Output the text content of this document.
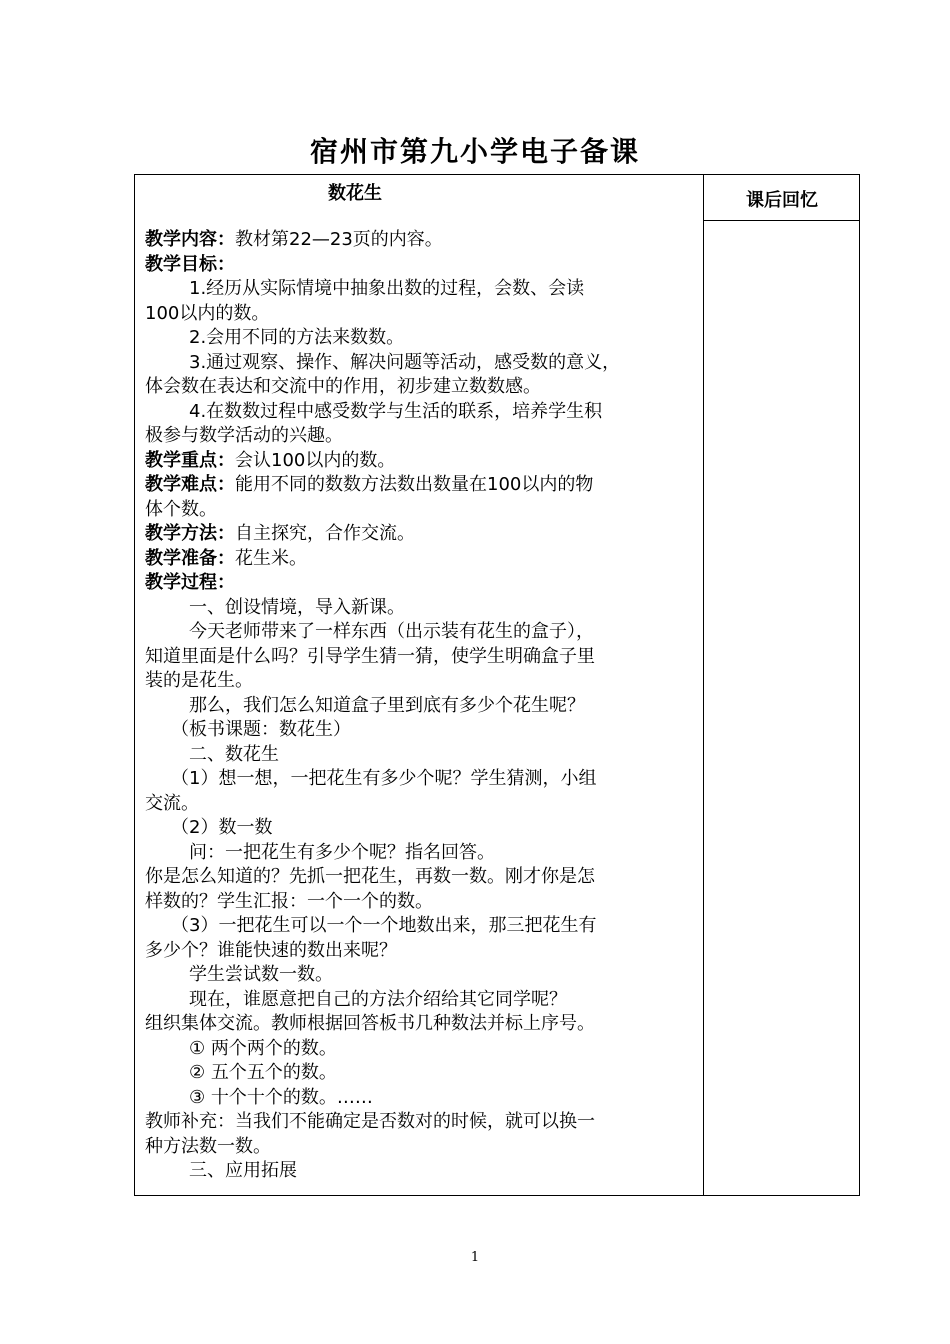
宿州市第九小学电子备课
数花生	课后回忆

教学内容：教材第22—23页的内容。

教学目标：

1.经历从实际情境中抽象出数的过程，会数、会读

100以内的数。

2.会用不同的方法来数数。

3.通过观察、操作、解决问题等活动，感受数的意义，

体会数在表达和交流中的作用，初步建立数数感。

4.在数数过程中感受数学与生活的联系，培养学生积

极参与数学活动的兴趣。

教学重点：会认100以内的数。

教学难点：能用不同的数数方法数出数量在100以内的物

体个数。

教学方法：自主探究，合作交流。

教学准备：花生米。

教学过程：

一、创设情境，导入新课。

今天老师带来了一样东西（出示装有花生的盒子），

知道里面是什么吗？引导学生猜一猜，使学生明确盒子里

装的是花生。

那么，我们怎么知道盒子里到底有多少个花生呢？

（板书课题：数花生）

二、数花生

（1）想一想，一把花生有多少个呢？学生猜测，小组

交流。

（2）数一数

问：一把花生有多少个呢？指名回答。

你是怎么知道的？先抓一把花生，再数一数。刚才你是怎

样数的？学生汇报：一个一个的数。

（3）一把花生可以一个一个地数出来，那三把花生有

多少个？谁能快速的数出来呢？

学生尝试数一数。

现在，谁愿意把自己的方法介绍给其它同学呢？

组织集体交流。教师根据回答板书几种数法并标上序号。

① 两个两个的数。

② 五个五个的数。

③ 十个十个的数。……

教师补充：当我们不能确定是否数对的时候，就可以换一

种方法数一数。

三、应用拓展

1
